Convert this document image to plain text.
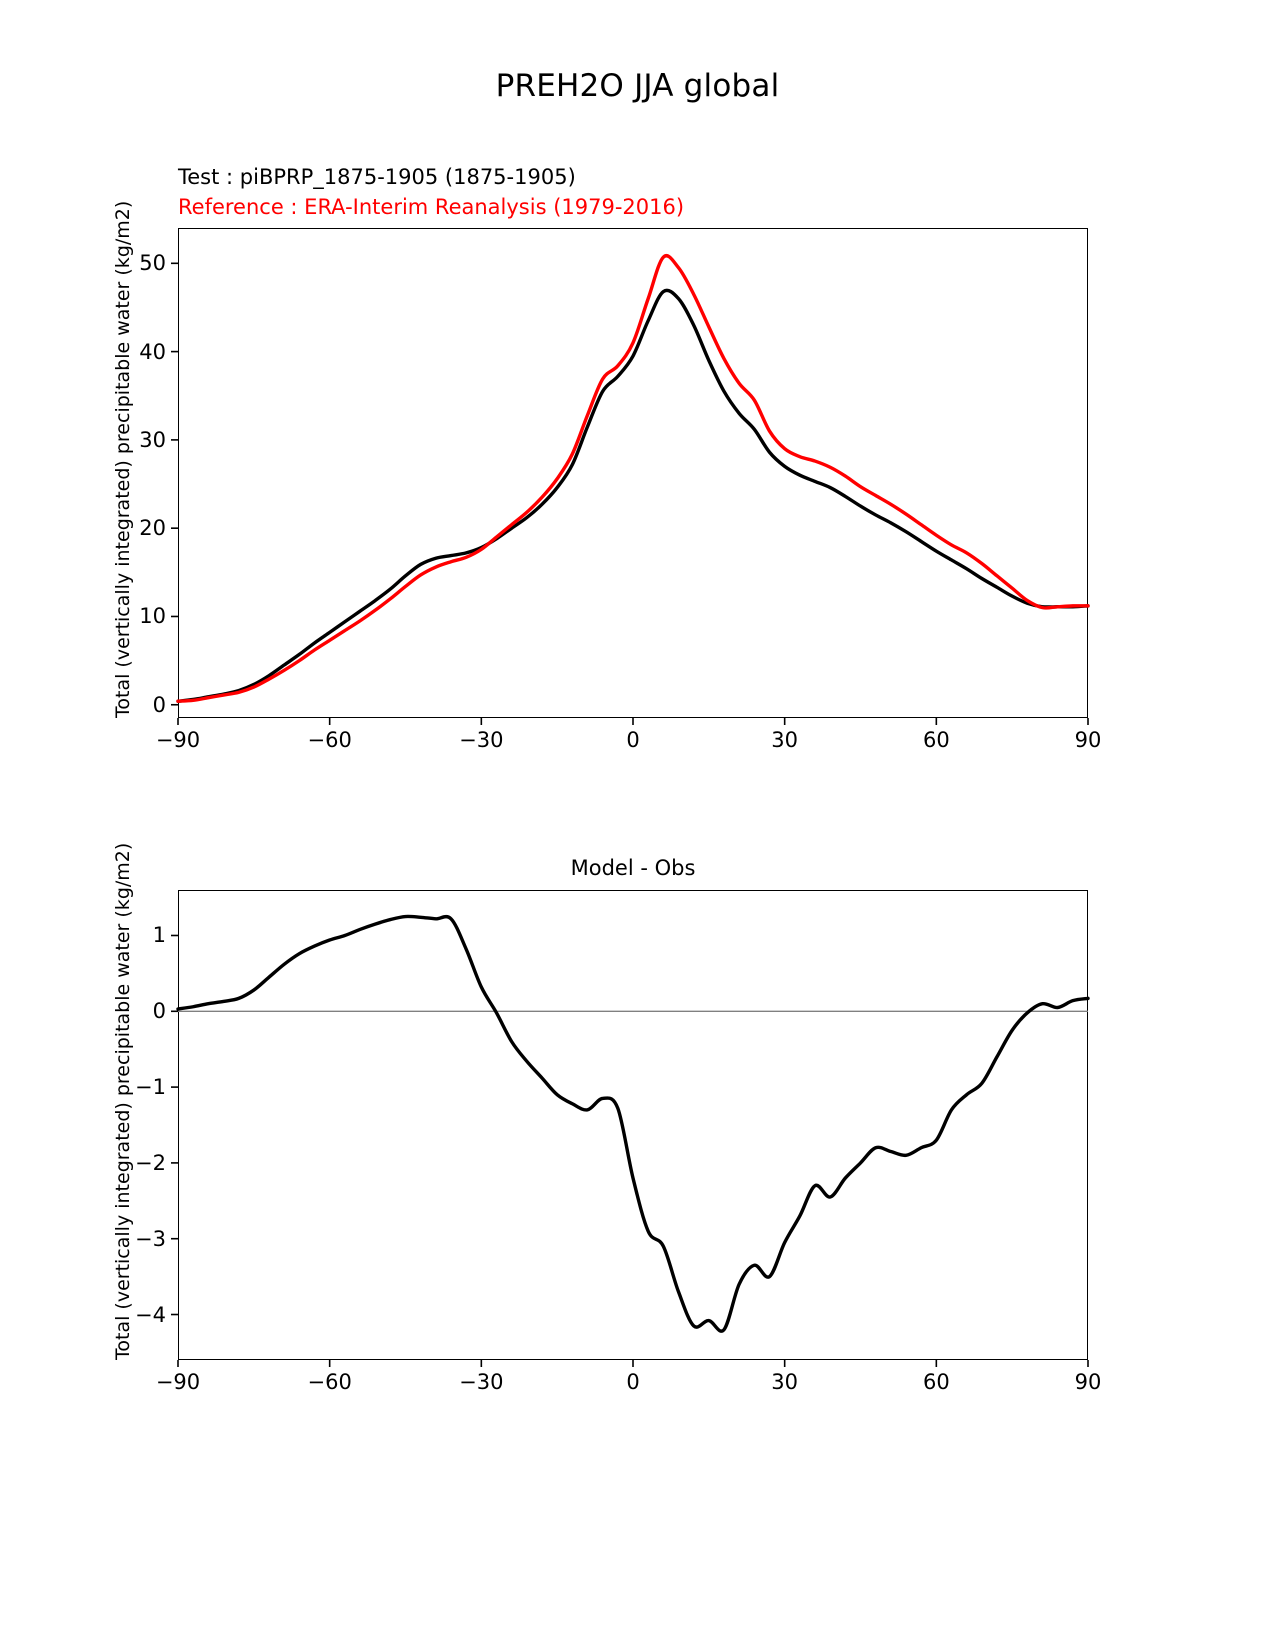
PREH2O JJA global
Test : piBPRP_1875-1905 (1875-1905)
Reference : ERA-Interim Reanalysis (1979-2016)
Total (vertically integrated) precipitable water (kg/m2)
−90	−60	−30	0	30	60	90
0
10
20
30
40
50
Model - Obs
Total (vertically integrated) precipitable water (kg/m2)
−90	−60	−30	0	30	60	90
−4
−3
−2
−1
0
1
